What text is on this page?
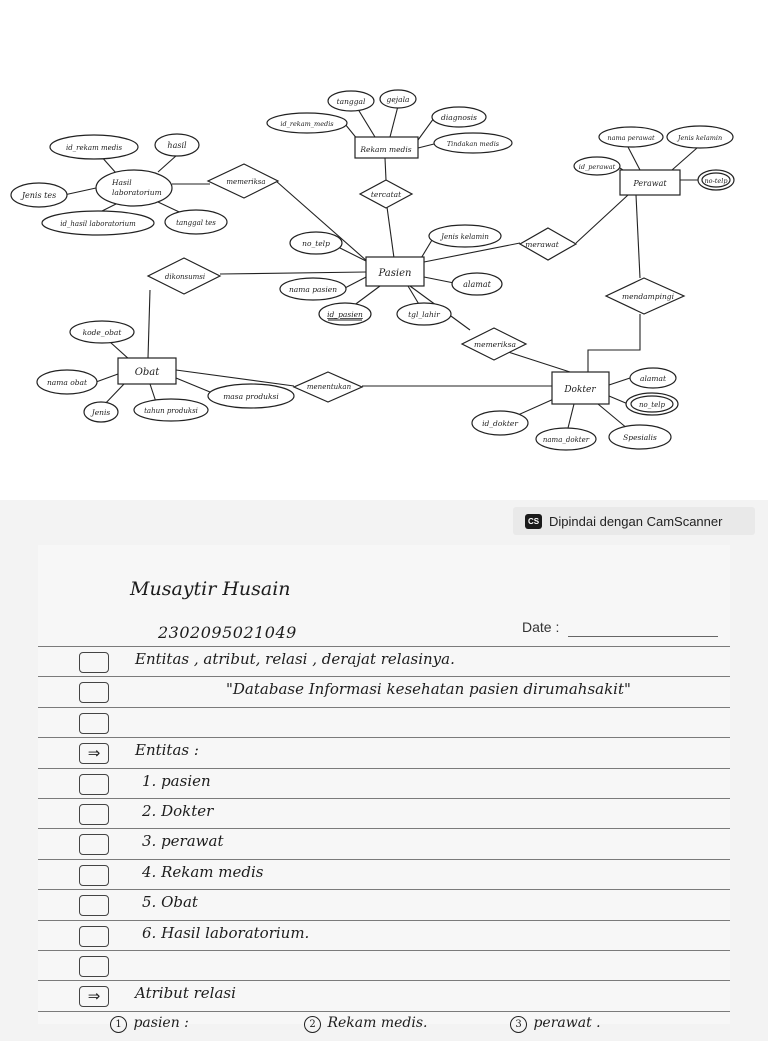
Rekam medis
Pasien
Perawat
Dokter
Obat
Hasil
laboratorium	tercatat
merawat
mendampingi
memeriksa
memeriksa
dikonsumsi
menentukan
tanggal	gejala
id_rekam_medis
diagnosis
Tindakan medis
id_rekam medis	hasil
Jenis tes
id_hasil laboratorium	tanggal tes
nama perawat	Jenis kelamin
id_perawat
no-telp
no_telp
Jenis kelamin
nama pasien
alamat
id_pasien	tgl_lahir
kode_obat
nama obat
Jenis	tahun produksi
masa produksi
alamat
no_telp
id_dokter
nama_dokter	Spesialis
CS Dipindai dengan CamScanner
Musaytir Husain
2302095021049	Date :
Entitas , atribut, relasi , derajat relasinya.
"Database Informasi kesehatan pasien dirumahsakit"
⇒	Entitas :
1. pasien
2. Dokter
3. perawat
4. Rekam medis
5. Obat
6. Hasil laboratorium.
⇒	Atribut relasi
1 pasien :	2 Rekam medis.	3 perawat .
